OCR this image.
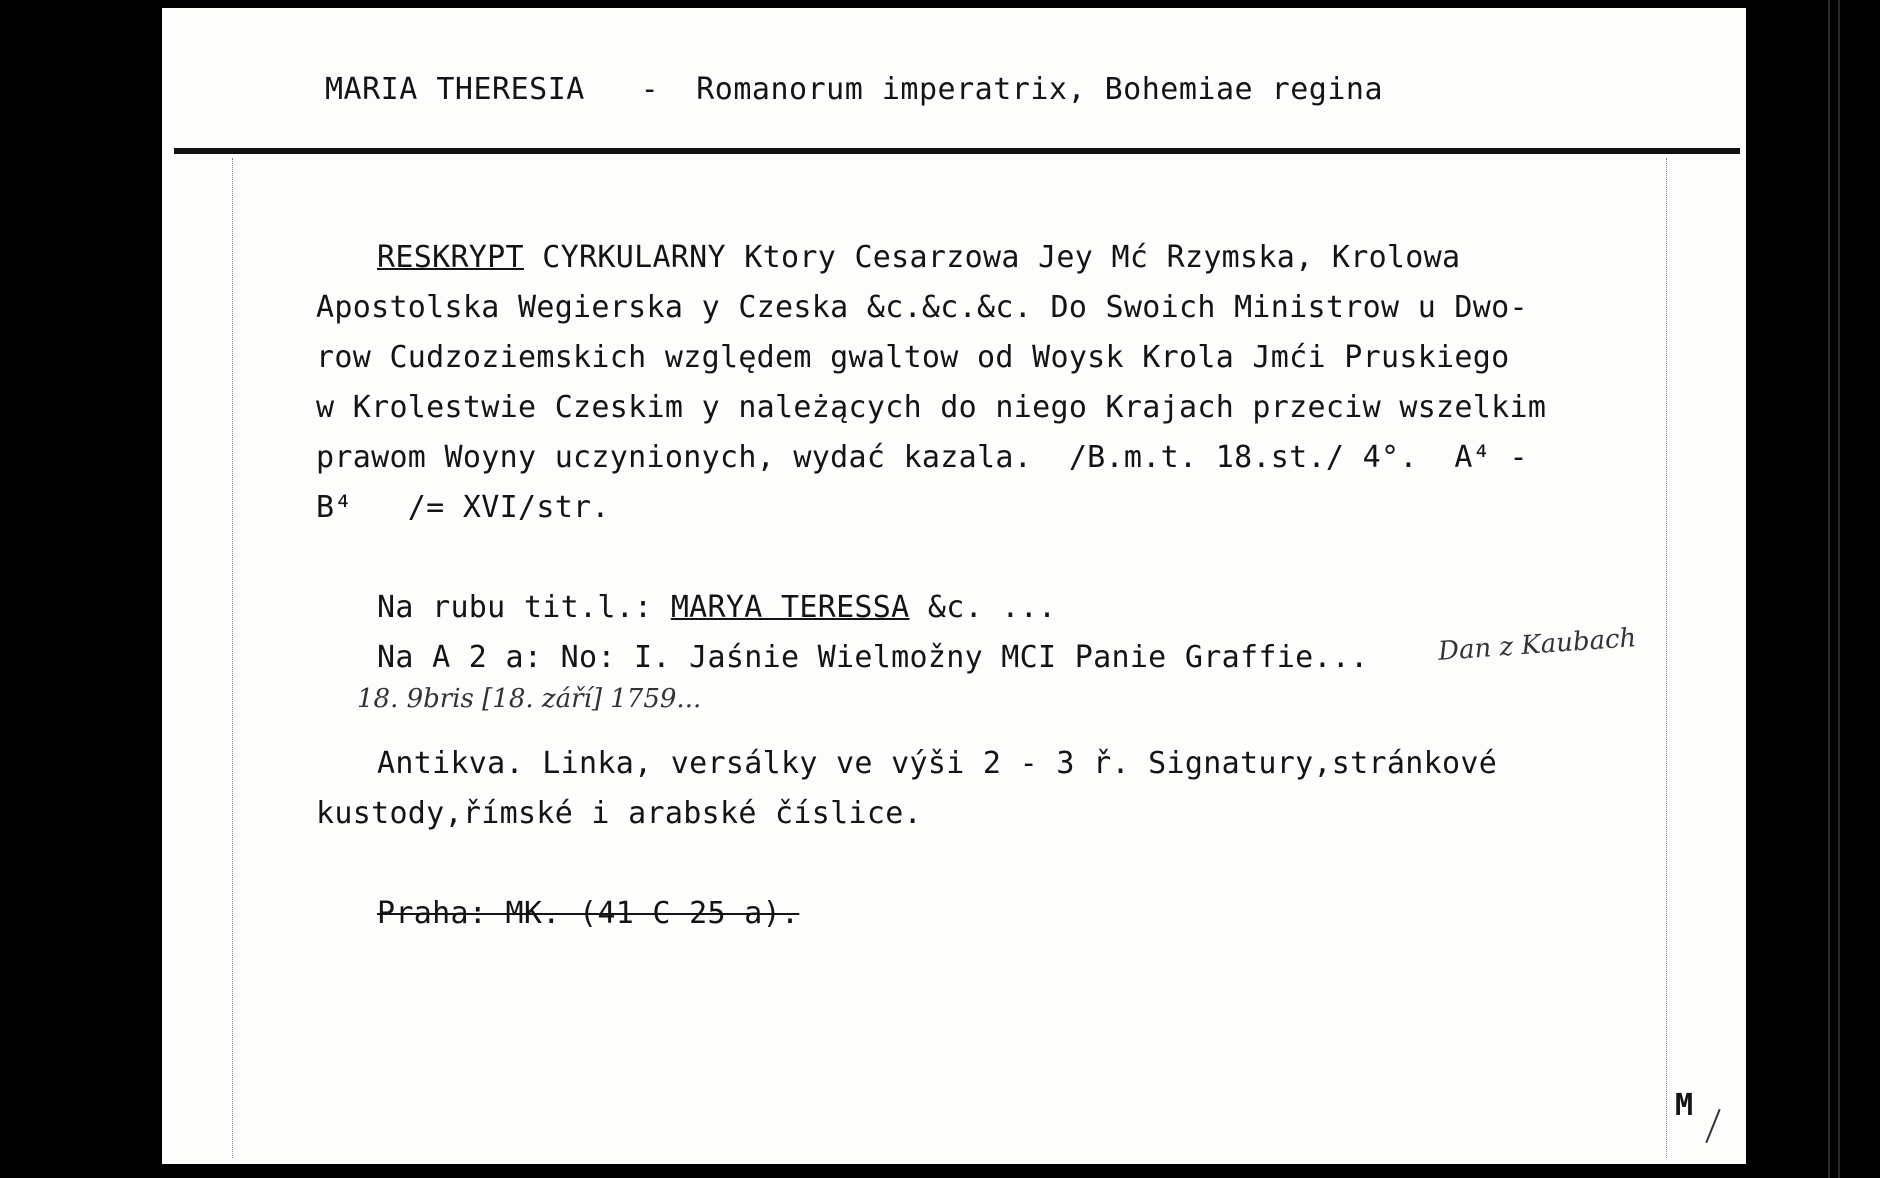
MARIA THERESIA - Romanorum imperatrix, Bohemiae regina
RESKRYPT CYRKULARNY Ktory Cesarzowa Jey Mć Rzymska, Krolowa
Apostolska Wegierska y Czeska &c.&c.&c. Do Swoich Ministrow u Dwo-
row Cudzoziemskich względem gwaltow od Woysk Krola Jmći Pruskiego
w Krolestwie Czeskim y należących do niego Krajach przeciw wszelkim
prawom Woyny uczynionych, wydać kazala.  /B.m.t. 18.st./ 4°.  A⁴ -
B⁴   /= XVI/str.
Na rubu tit.l.: MARYA TERESSA &c. ...
Na A 2 a: No: I. Jaśnie Wielmožny MCI Panie Graffie...	Dan z Kaubach
18. 9bris [18. září] 1759...
Antikva. Linka, versálky ve výši 2 - 3 ř. Signatury,stránkové
kustody,římské i arabské číslice.
Praha: MK. (41 C 25 a).
M
